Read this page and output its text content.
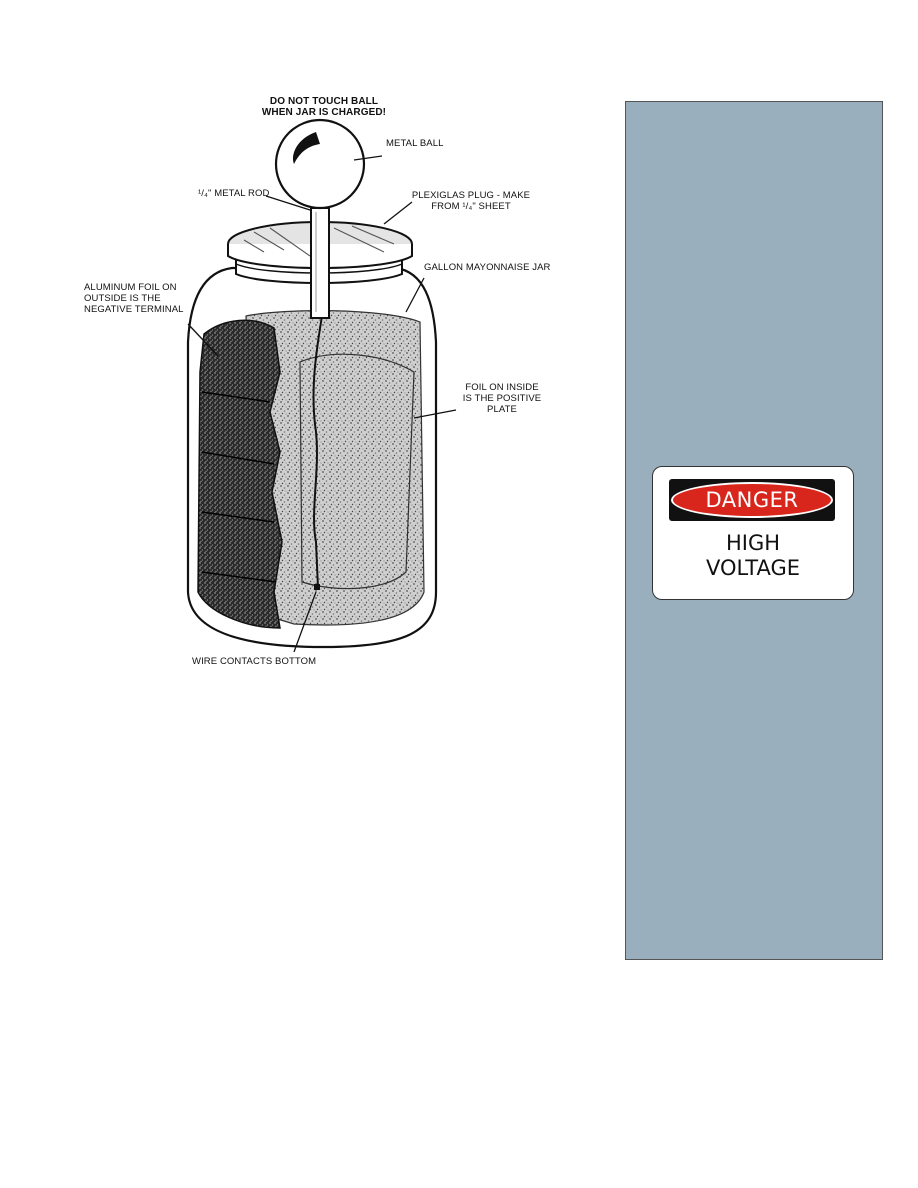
DO NOT TOUCH BALL
WHEN JAR IS CHARGED!
METAL BALL
¹/₄" METAL ROD	PLEXIGLAS PLUG - MAKE
FROM ¹/₄" SHEET
GALLON MAYONNAISE JAR
ALUMINUM FOIL ON
OUTSIDE IS THE
NEGATIVE TERMINAL
FOIL ON INSIDE
IS THE POSITIVE
PLATE
WIRE CONTACTS BOTTOM
DANGER
HIGH
VOLTAGE
